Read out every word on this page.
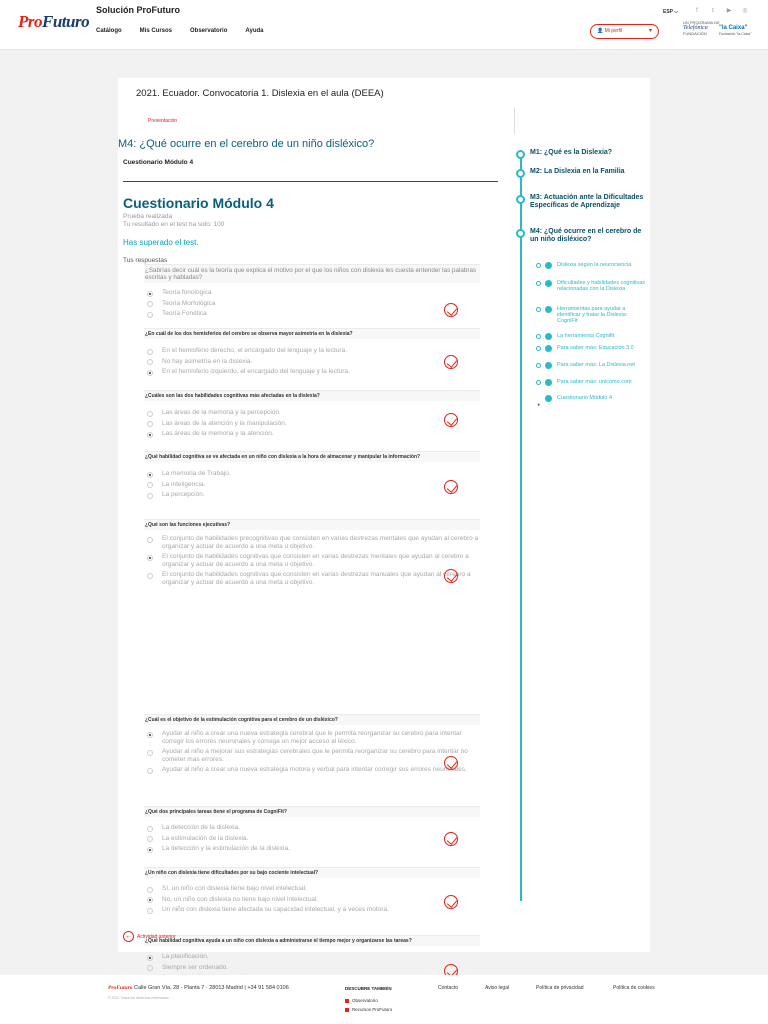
ProFuturo
Solución ProFuturo
Catálogo	Mis Cursos	Observatorio	Ayuda
ESP ⌵	f	t	▶ ◎
👤 Mi perfil	▾
UN PROGRAMA DE
Telefónica
FUNDACIÓN
"la Caixa"
Fundación "la Caixa"
2021. Ecuador. Convocatoria 1. Dislexia en el aula (DEEA)
Presentación
M4: ¿Qué ocurre en el cerebro de un niño disléxico?
Cuestionario Módulo 4
Cuestionario Módulo 4
Prueba realizada
Tu resultado en el test ha sido: 100
Has superado el test.
Tus respuestas
¿Sabrías decir cuál es la teoría que explica el motivo por el que los niños con dislexia les cuesta entender las palabras escritas y habladas?
Teoría fonológica
Teoría Morfológica
Teoría Fonética
¿En cuál de los dos hemisferios del cerebro se observa mayor asimetría en la dislexia?
En el hemisferio derecho, el encargado del lenguaje y la lectura.
No hay asimetría en la dislexia.
En el hemisferio izquierdo, el encargado del lenguaje y la lectura.
¿Cuáles son las dos habilidades cognitivas más afectadas en la dislexia?
Las áreas de la memoria y la percepción.
Las áreas de la atención y la manipulación.
Las áreas de la memoria y la atención.
¿Qué habilidad cognitiva se ve afectada en un niño con dislexia a la hora de almacenar y manipular la información?
La memoria de Trabajo.
La inteligencia.
La percepción.
¿Qué son las funciones ejecutivas?
El conjunto de habilidades precognitivas que consisten en varias destrezas mentales que ayudan al cerebro a organizar y actuar de acuerdo a una meta u objetivo.
El conjunto de habilidades cognitivas que consisten en varias destrezas mentales que ayudan al cerebro a organizar y actuar de acuerdo a una meta u objetivo.
El conjunto de habilidades cognitivas que consisten en varias destrezas manuales que ayudan al cerebro a organizar y actuar de acuerdo a una meta u objetivo.
¿Cuál es el objetivo de la estimulación cognitiva para el cerebro de un disléxico?
Ayudar al niño a crear una nueva estrategia cerebral que le permita reorganizar su cerebro para intentar corregir los errores neuronales y consiga un mejor acceso al léxico.
Ayudar al niño a mejorar sus estrategias cerebrales que le permita reorganizar su cerebro para intentar no cometer mas errores.
Ayudar al niño a crear una nueva estrategia motora y verbal para intentar corregir sus errores neuronales.
¿Qué dos principales tareas tiene el programa de CogniFit?
La detección de la dislexia.
La estimulación de la dislexia.
La detección y la estimulación de la dislexia.
¿Un niño con dislexia tiene dificultades por su bajo cociente intelectual?
Sí, un niño con dislexia tiene bajo nivel intelectual.
No, un niño con dislexia no tiene bajo nivel intelectual.
Un niño con dislexia tiene afectada su capacidad intelectual, y a veces motora.
¿Qué habilidad cognitiva ayuda a un niño con dislexia a administrarse el tiempo mejor y organizarse las tareas?
La planificación.
Siempre ser ordenado.
←	Actividad anterior
M1: ¿Qué es la Dislexia?
M2: La Dislexia en la Familia
M3: Actuación ante la Dificultades Específicas de Aprendizaje
M4: ¿Qué ocurre en el cerebro de un niño disléxico?
Dislexia según la neurociencia
Dificultades y habilidades cognitivas relacionadas con la Dislexia
Herramientas para ayudar a identificar y tratar la Dislexia: CogniFit
La herramienta Cognifit
Para saber más: Educación 3.0
Para saber más: La Dislexia.net
Para saber más: unicomo.com
·	Cuestionario Módulo 4
ProFuturo Calle Gran Vía, 28 · Planta 7 · 28013 Madrid | +34 91 584 0106
© 2021 Todos los derechos reservados
DESCUBRE TAMBIÉN
Observatorio
Recursos ProFuturo
Contacto	Aviso legal	Política de privacidad	Política de cookies
